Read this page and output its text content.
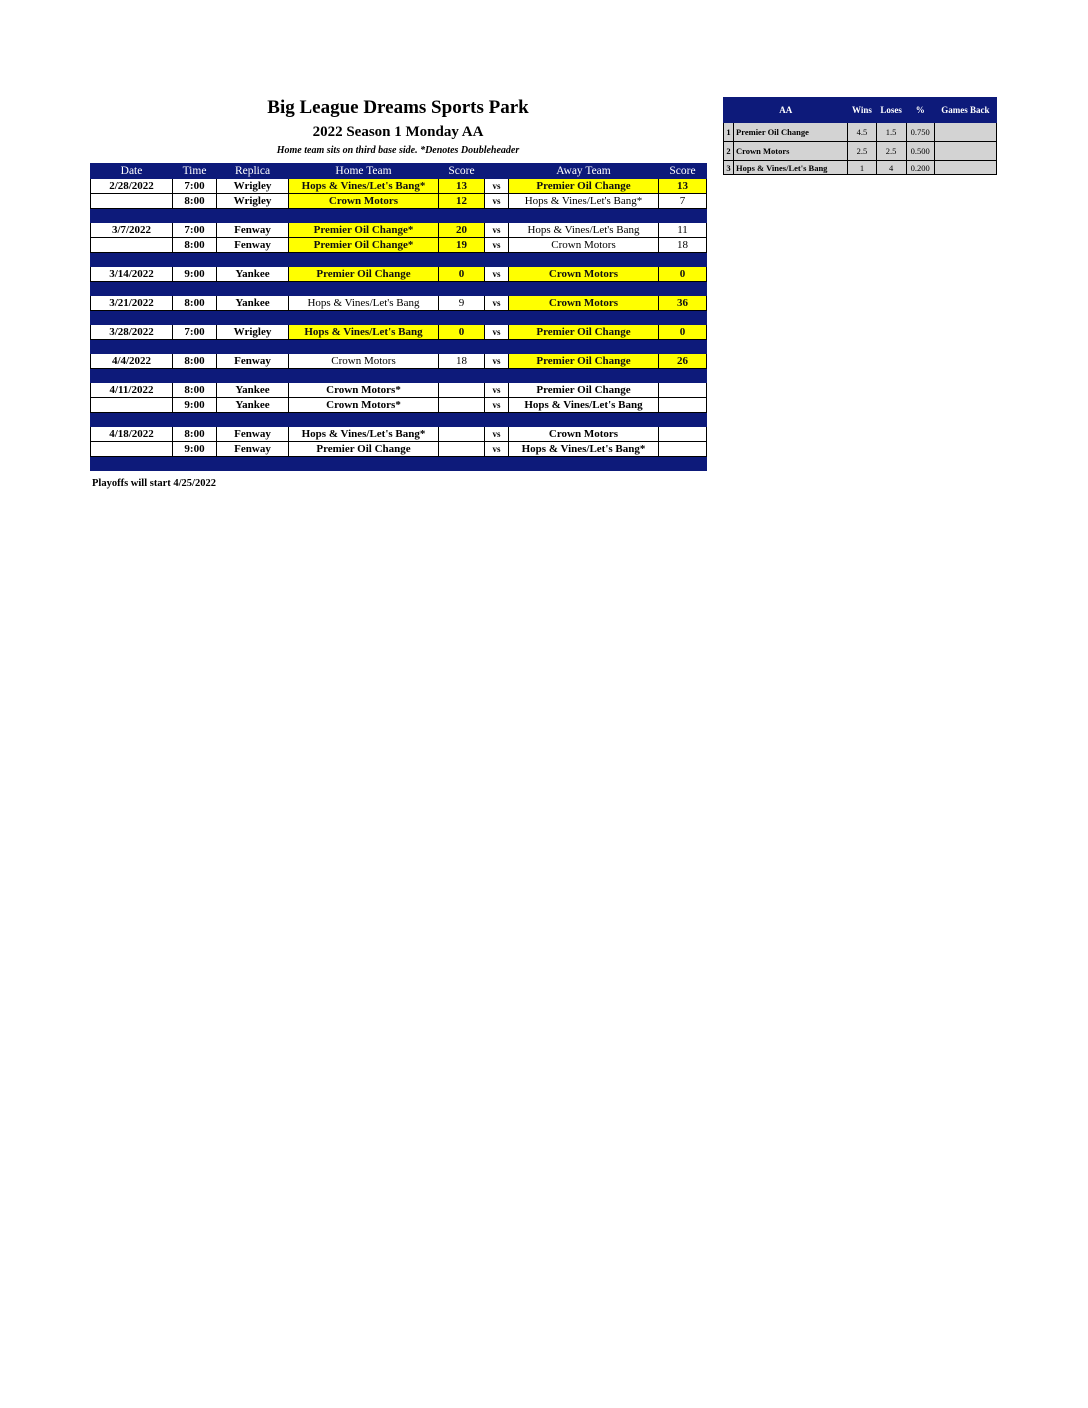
Big League Dreams Sports Park
2022 Season 1 Monday AA
Home team sits on third base side. *Denotes Doubleheader
Date	Time	Replica	Home Team	Score		Away Team	Score
2/28/2022	7:00	Wrigley	Hops & Vines/Let's Bang*	13	vs	Premier Oil Change	13
	8:00	Wrigley	Crown Motors	12	vs	Hops & Vines/Let's Bang*	7

3/7/2022	7:00	Fenway	Premier Oil Change*	20	vs	Hops & Vines/Let's Bang	11
	8:00	Fenway	Premier Oil Change*	19	vs	Crown Motors	18

3/14/2022	9:00	Yankee	Premier Oil Change	0	vs	Crown Motors	0

3/21/2022	8:00	Yankee	Hops & Vines/Let's Bang	9	vs	Crown Motors	36

3/28/2022	7:00	Wrigley	Hops & Vines/Let's Bang	0	vs	Premier Oil Change	0

4/4/2022	8:00	Fenway	Crown Motors	18	vs	Premier Oil Change	26

4/11/2022	8:00	Yankee	Crown Motors*		vs	Premier Oil Change	
	9:00	Yankee	Crown Motors*		vs	Hops & Vines/Let's Bang	

4/18/2022	8:00	Fenway	Hops & Vines/Let's Bang*		vs	Crown Motors	
	9:00	Fenway	Premier Oil Change		vs	Hops & Vines/Let's Bang*	

Playoffs will start 4/25/2022
AA		Wins	Loses	%	Games Back
1	Premier Oil Change	4.5	1.5	0.750	
2	Crown Motors	2.5	2.5	0.500	
3	Hops & Vines/Let's Bang	1	4	0.200	
